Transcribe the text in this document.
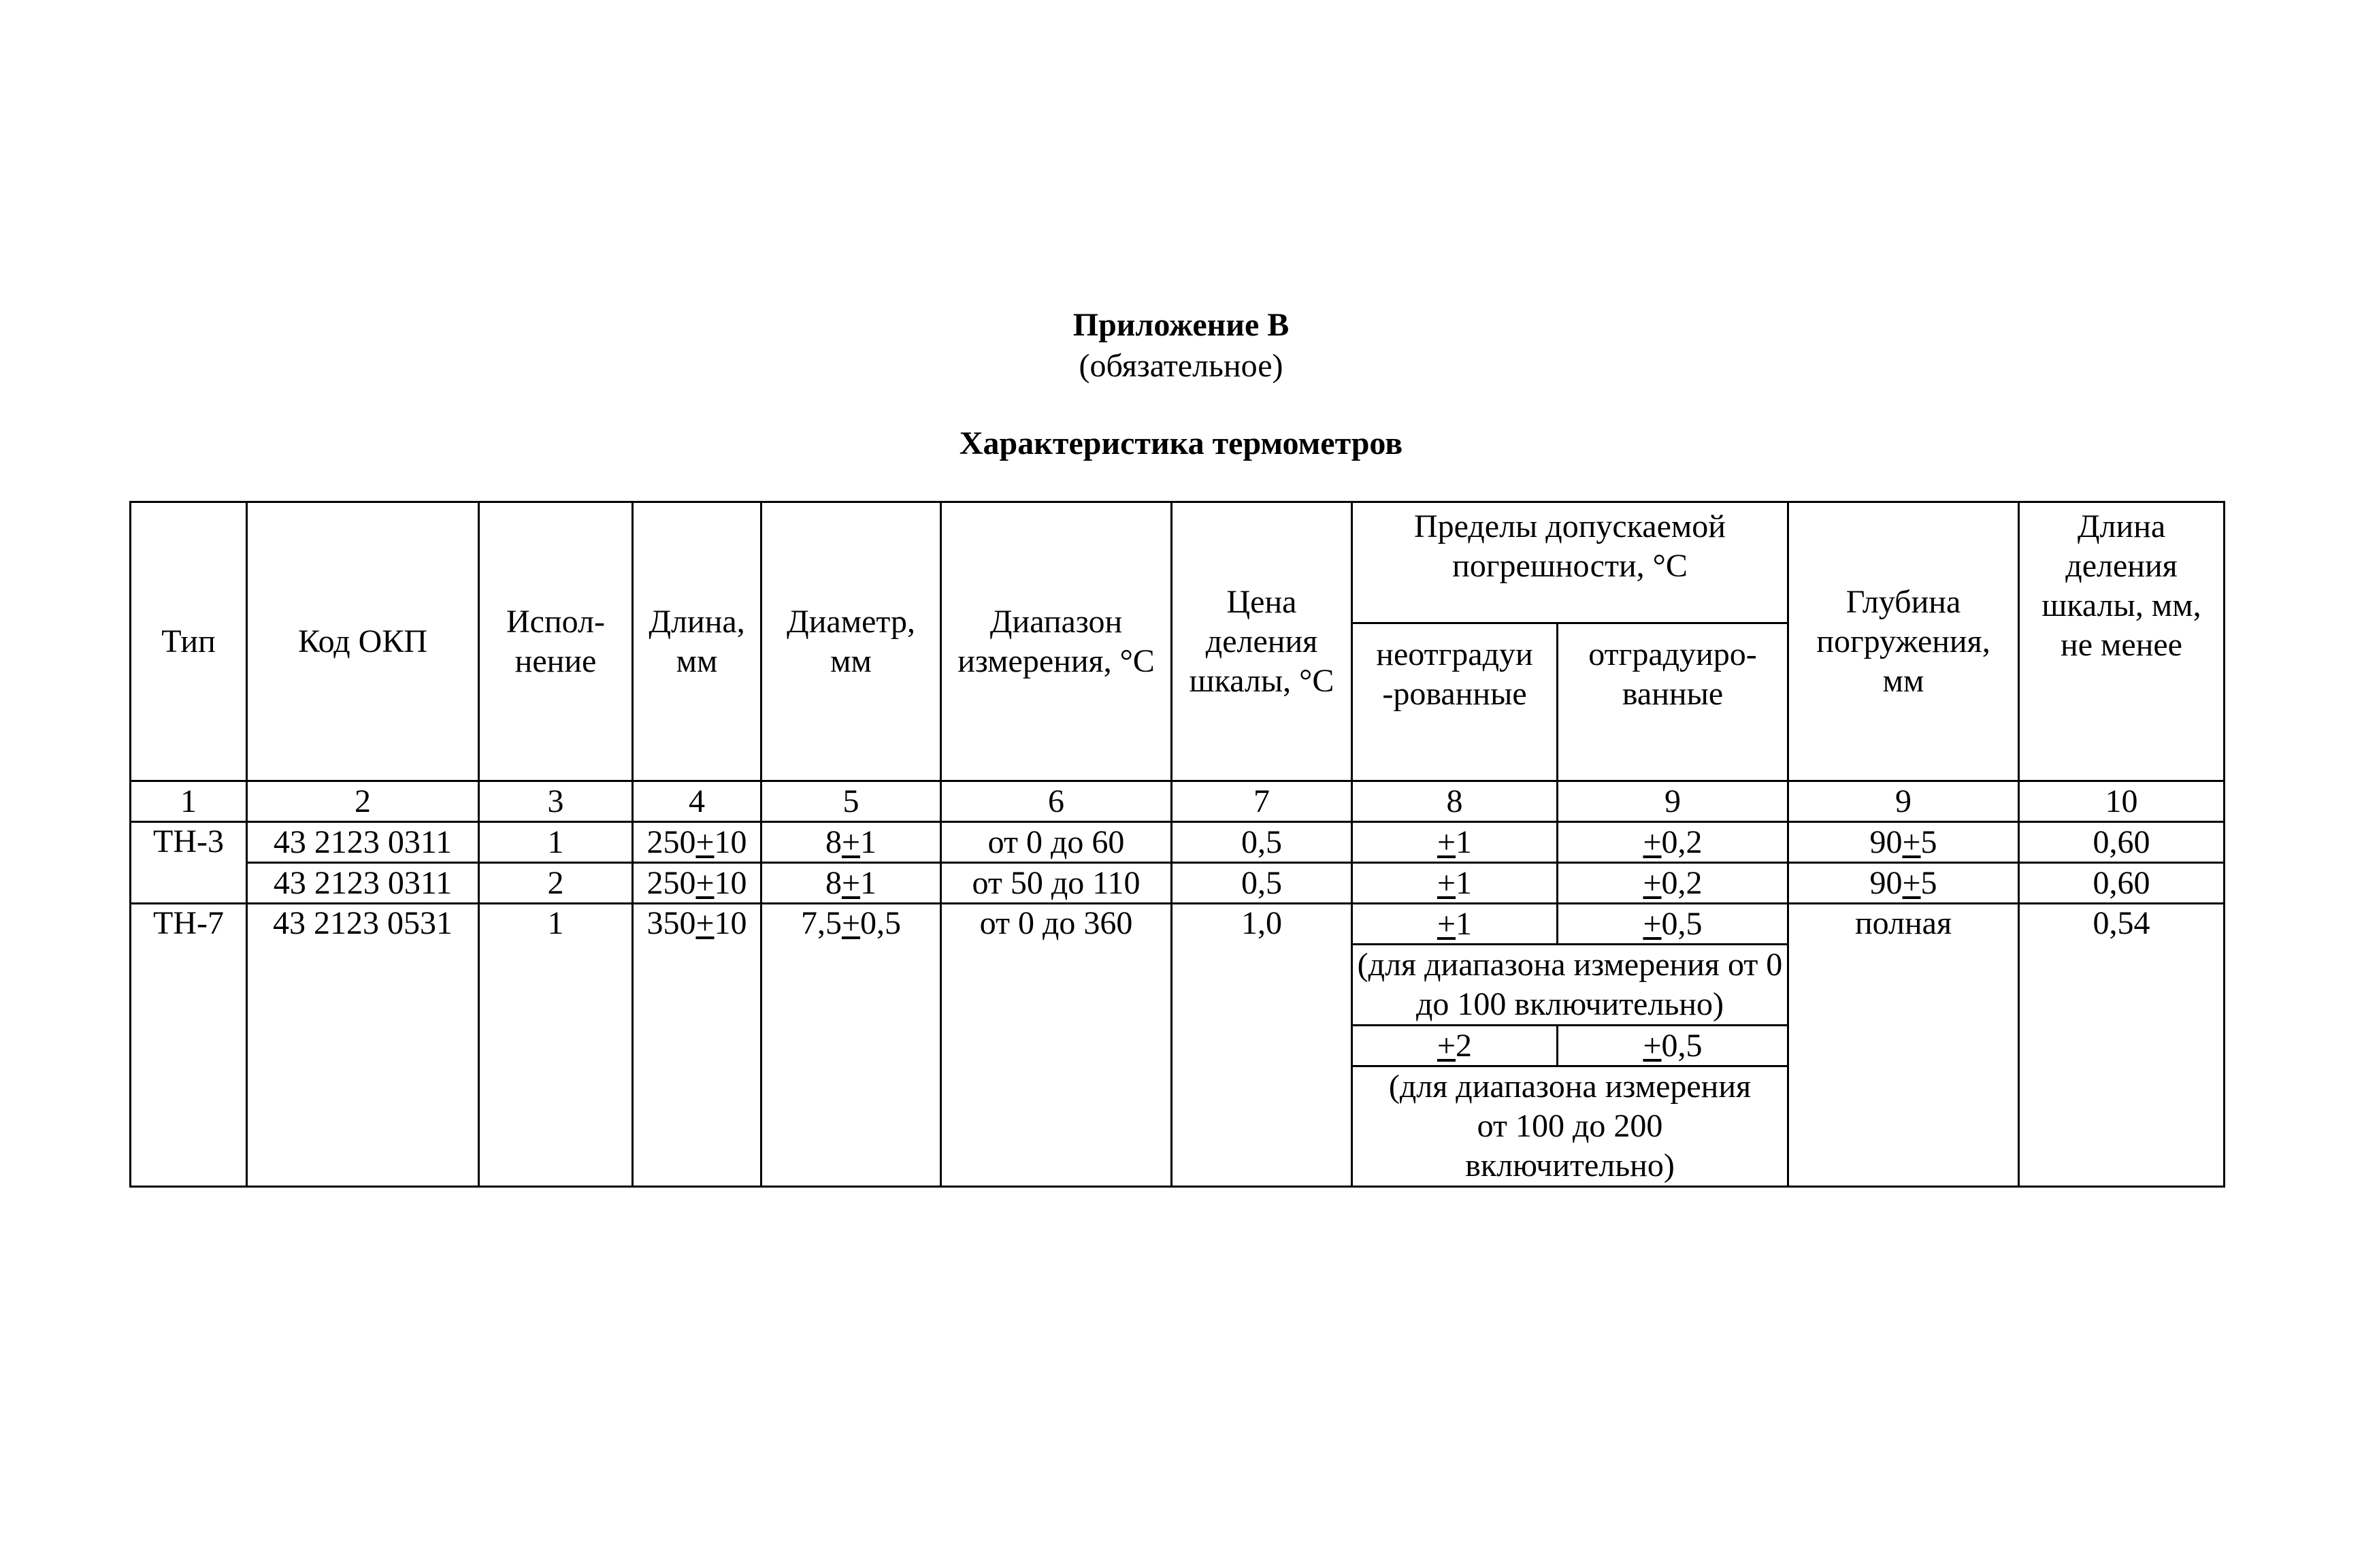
Приложение В
(обязательное)
Характеристика термометров
Тип	Код ОКП	Испол-нение	Длина, мм	Диаметр, мм	Диапазон измерения, °С	Цена деления шкалы, °С	Пределы допускаемой погрешности, °С		Глубина погружения, мм	Длина деления шкалы, мм, не менее
							неотградуи -рованные	отградуиро-ванные		
1	2	3	4	5	6	7	8	9	9	10
ТН-3	43 2123 0311	1	250+10	8+1	от 0 до 60	0,5	+1	+0,2	90+5	0,60
	43 2123 0311	2	250+10	8+1	от 50 до 110	0,5	+1	+0,2	90+5	0,60
ТН-7	43 2123 0531	1	350+10	7,5+0,5	от 0 до 360	1,0	+1	+0,5	полная	0,54
							(для диапазона измерения от 0 до 100 включительно)			
							+2	+0,5		
							(для диапазона измерения от 100 до 200 включительно)			
